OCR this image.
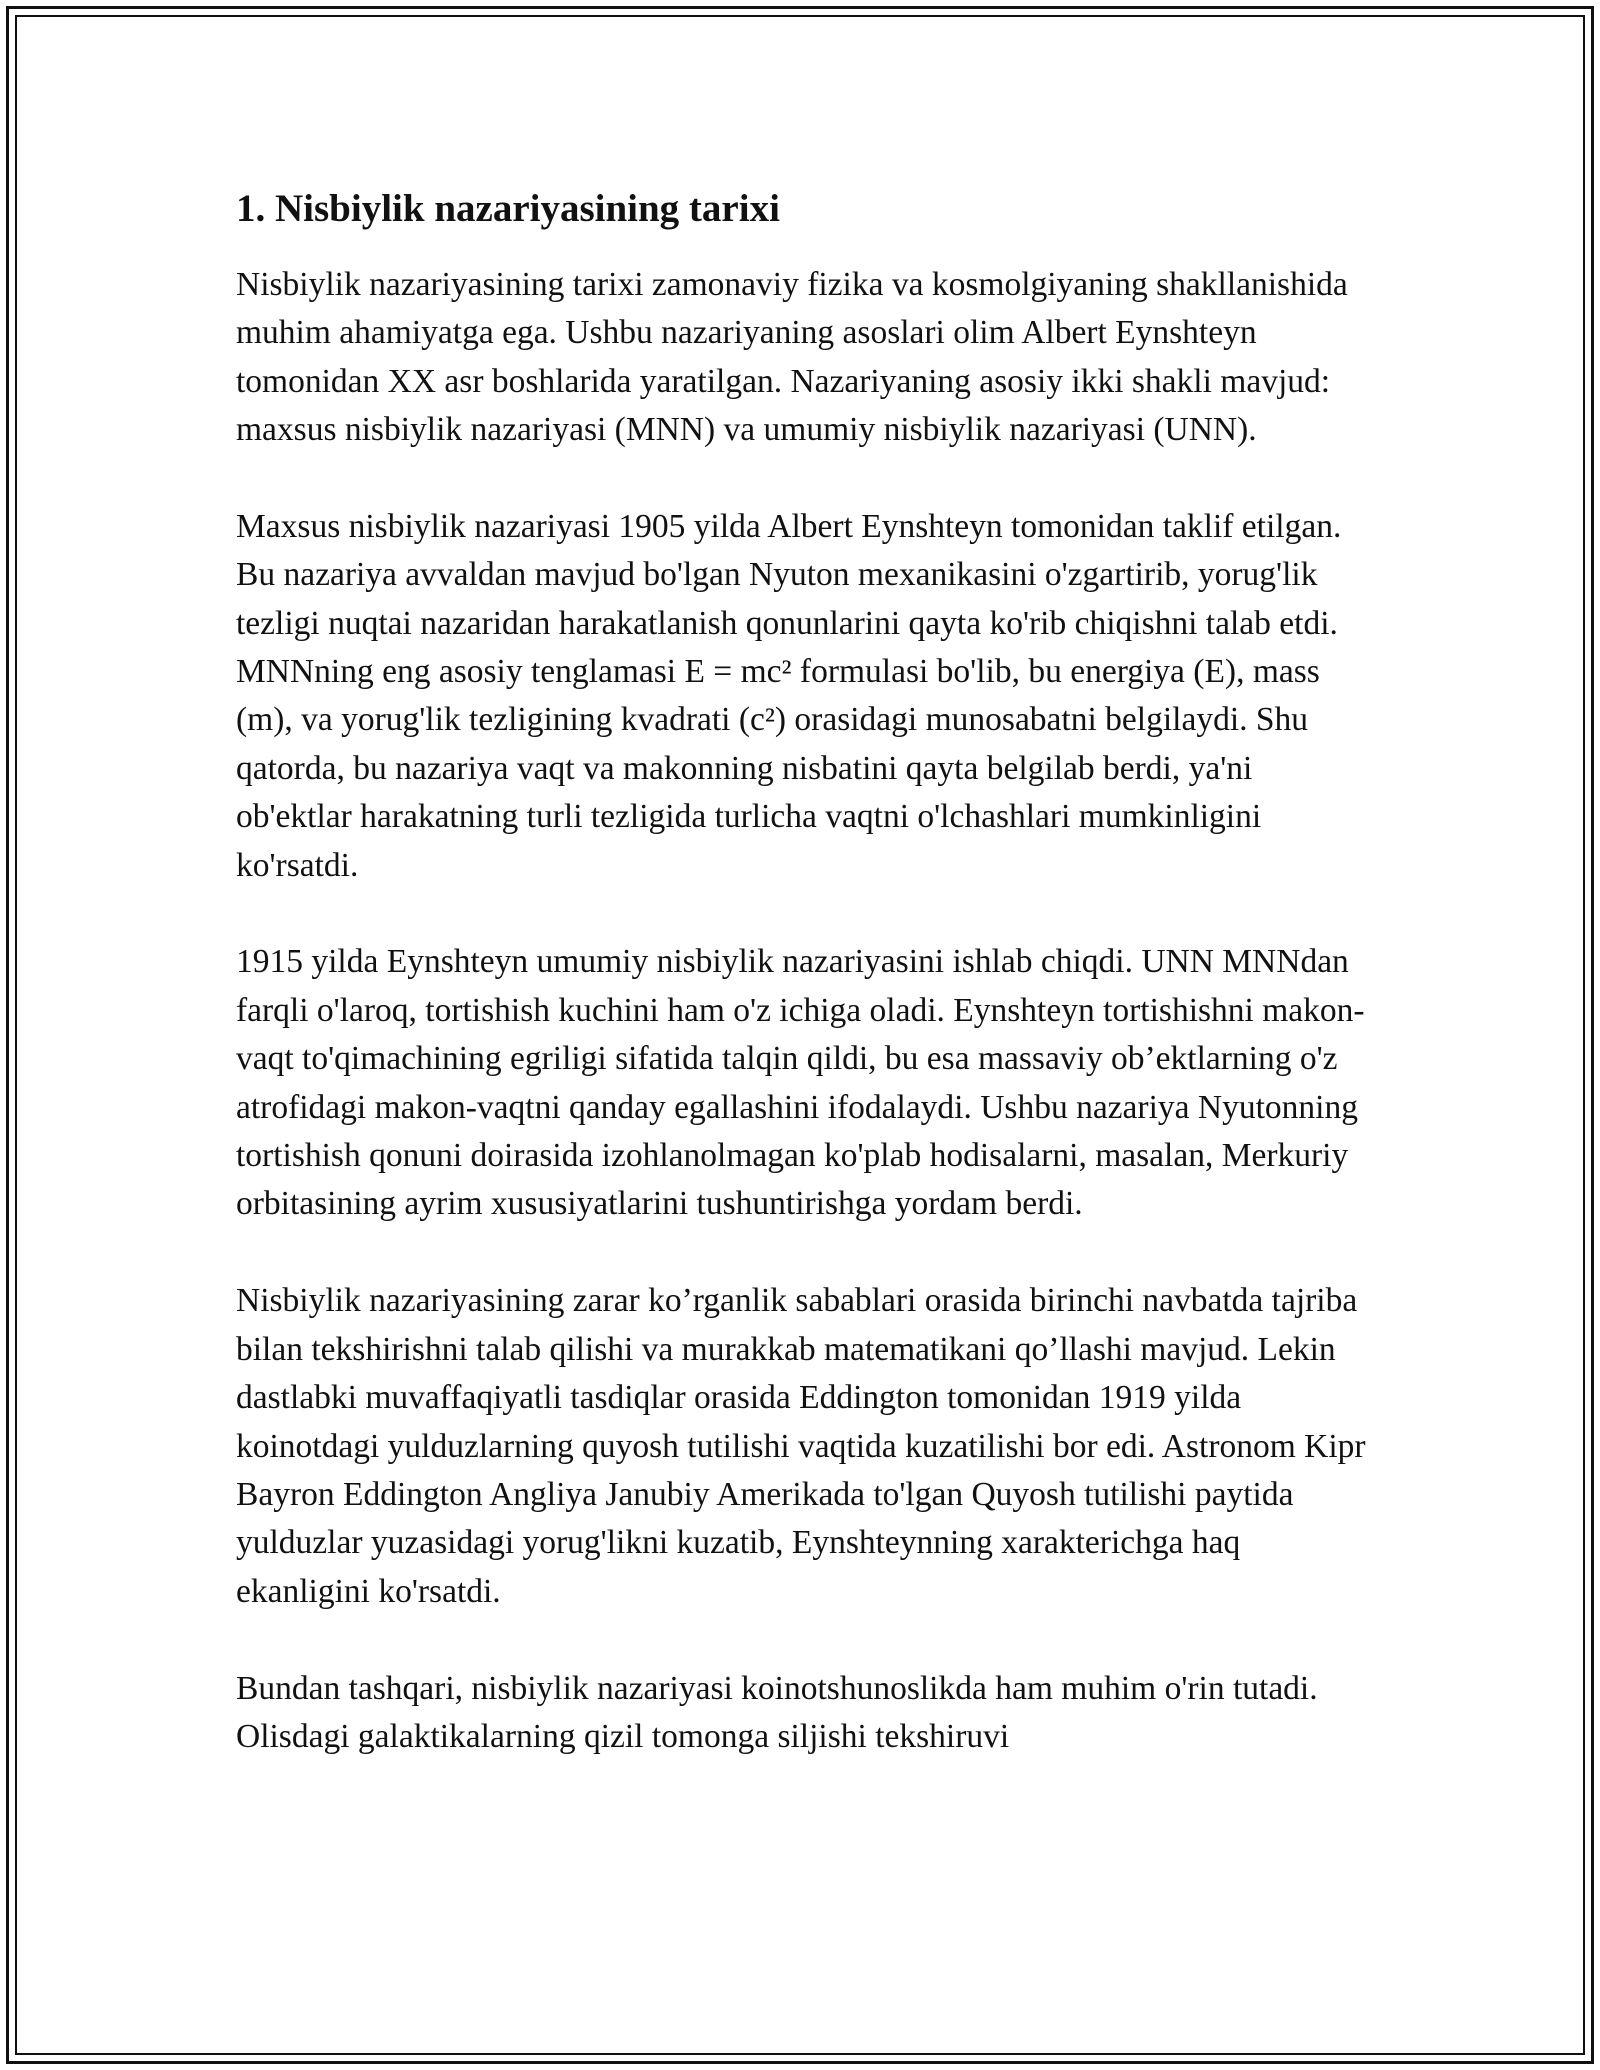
1. Nisbiylik nazariyasining tarixi

Nisbiylik nazariyasining tarixi zamonaviy fizika va kosmolgiyaning shakllanishida muhim ahamiyatga ega. Ushbu nazariyaning asoslari olim Albert Eynshteyn tomonidan XX asr boshlarida yaratilgan. Nazariyaning asosiy ikki shakli mavjud: maxsus nisbiylik nazariyasi (MNN) va umumiy nisbiylik nazariyasi (UNN).

Maxsus nisbiylik nazariyasi 1905 yilda Albert Eynshteyn tomonidan taklif etilgan. Bu nazariya avvaldan mavjud bo'lgan Nyuton mexanikasini o'zgartirib, yorug'lik tezligi nuqtai nazaridan harakatlanish qonunlarini qayta ko'rib chiqishni talab etdi. MNNning eng asosiy tenglamasi E = mc² formulasi bo'lib, bu energiya (E), mass (m), va yorug'lik tezligining kvadrati (c²) orasidagi munosabatni belgilaydi. Shu qatorda, bu nazariya vaqt va makonning nisbatini qayta belgilab berdi, ya'ni ob'ektlar harakatning turli tezligida turlicha vaqtni o'lchashlari mumkinligini ko'rsatdi.

1915 yilda Eynshteyn umumiy nisbiylik nazariyasini ishlab chiqdi. UNN MNNdan farqli o'laroq, tortishish kuchini ham o'z ichiga oladi. Eynshteyn tortishishni makon-vaqt to'qimachining egriligi sifatida talqin qildi, bu esa massaviy ob’ektlarning o'z atrofidagi makon-vaqtni qanday egallashini ifodalaydi. Ushbu nazariya Nyutonning tortishish qonuni doirasida izohlanolmagan ko'plab hodisalarni, masalan, Merkuriy orbitasining ayrim xususiyatlarini tushuntirishga yordam berdi.

Nisbiylik nazariyasining zarar ko’rganlik sabablari orasida birinchi navbatda tajriba bilan tekshirishni talab qilishi va murakkab matematikani qo’llashi mavjud. Lekin dastlabki muvaffaqiyatli tasdiqlar orasida Eddington tomonidan 1919 yilda koinotdagi yulduzlarning quyosh tutilishi vaqtida kuzatilishi bor edi. Astronom Kipr Bayron Eddington Angliya Janubiy Amerikada to'lgan Quyosh tutilishi paytida yulduzlar yuzasidagi yorug'likni kuzatib, Eynshteynning xarakterichga haq ekanligini ko'rsatdi.

Bundan tashqari, nisbiylik nazariyasi koinotshunoslikda ham muhim o'rin tutadi. Olisdagi galaktikalarning qizil tomonga siljishi tekshiruvi
